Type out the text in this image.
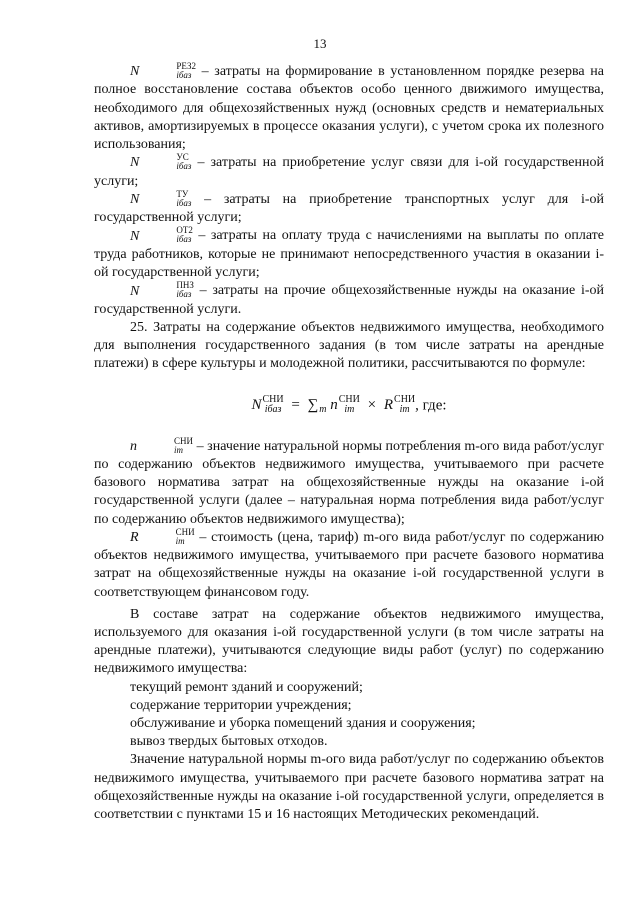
13

N	РЕЗ2
iбаз – затраты на формирование в установленном порядке резерва на полное восстановление состава объектов особо ценного движимого имущества, необходимого для общехозяйственных нужд (основных средств и нематериальных активов, амортизируемых в процессе оказания услуги), с учетом срока их полезного использования;

N	УС
iбаз – затраты на приобретение услуг связи для i-ой государственной услуги;

N	ТУ
iбаз – затраты на приобретение транспортных услуг для i-ой государственной услуги;

N	ОТ2
iбаз – затраты на оплату труда с начислениями на выплаты по оплате труда работников, которые не принимают непосредственного участия в оказании i-ой государственной услуги;

N	ПНЗ
iбаз – затраты на прочие общехозяйственные нужды на оказание i-ой государственной услуги.

25. Затраты на содержание объектов недвижимого имущества, необходимого для выполнения государственного задания (в том числе затраты на арендные платежи) в сфере культуры и молодежной политики, рассчитываются по формуле:

N СНИ
iбаз = ∑
m n СНИ
im × R СНИ
im , где:

n	СНИ
im – значение натуральной нормы потребления m-ого вида работ/услуг по содержанию объектов недвижимого имущества, учитываемого при расчете базового норматива затрат на общехозяйственные нужды на оказание i-ой государственной услуги (далее – натуральная норма потребления вида работ/услуг по содержанию объектов недвижимого имущества);

R	СНИ
im – стоимость (цена, тариф) m-ого вида работ/услуг по содержанию объектов недвижимого имущества, учитываемого при расчете базового норматива затрат на общехозяйственные нужды на оказание i-ой государственной услуги в соответствующем финансовом году.

В составе затрат на содержание объектов недвижимого имущества, используемого для оказания i-ой государственной услуги (в том числе затраты на арендные платежи), учитываются следующие виды работ (услуг) по содержанию недвижимого имущества:

текущий ремонт зданий и сооружений;

содержание территории учреждения;

обслуживание и уборка помещений здания и сооружения;

вывоз твердых бытовых отходов.

Значение натуральной нормы m-ого вида работ/услуг по содержанию объектов недвижимого имущества, учитываемого при расчете базового норматива затрат на общехозяйственные нужды на оказание i-ой государственной услуги, определяется в соответствии с пунктами 15 и 16 настоящих Методических рекомендаций.
